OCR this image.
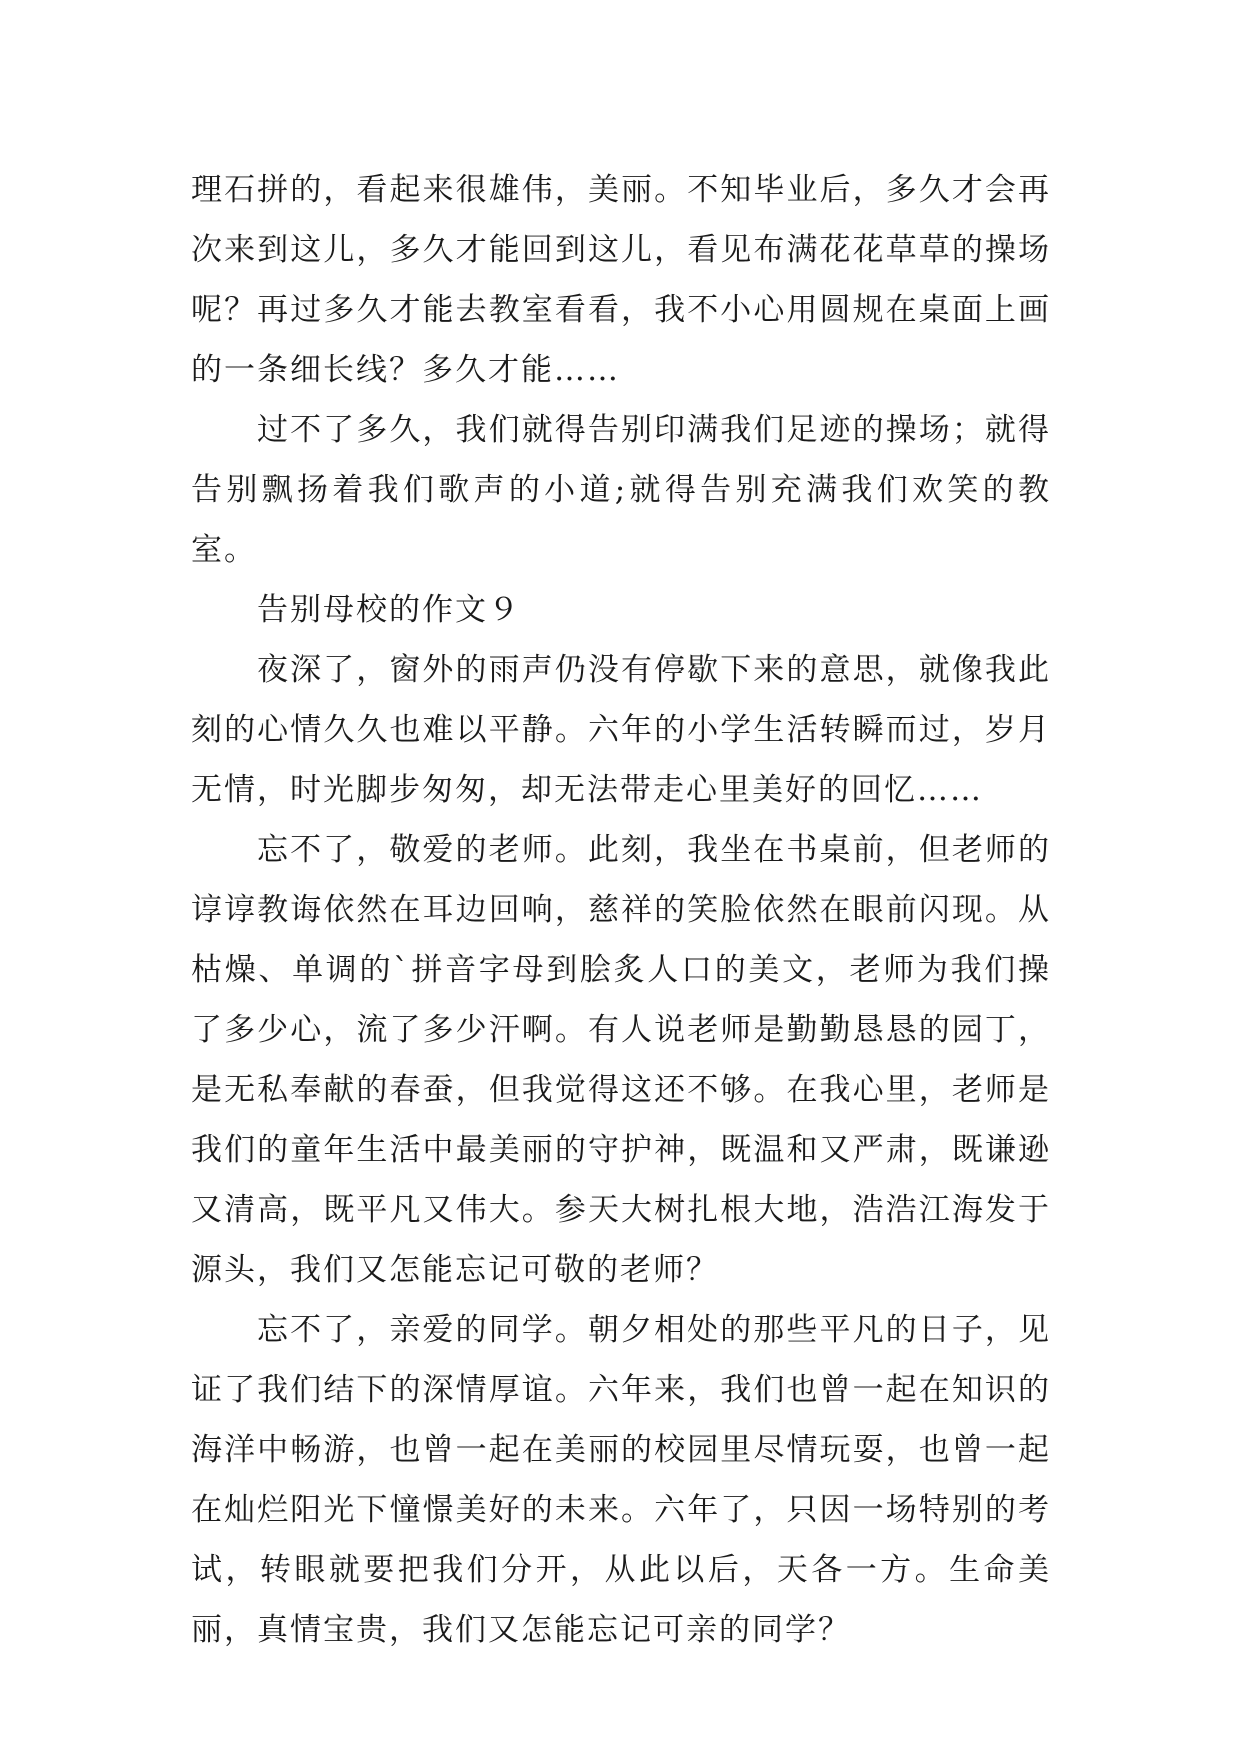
理石拼的，看起来很雄伟，美丽。不知毕业后，多久才会再次来到这儿，多久才能回到这儿，看见布满花花草草的操场呢？再过多久才能去教室看看，我不小心用圆规在桌面上画的一条细长线？多久才能……

过不了多久，我们就得告别印满我们足迹的操场；就得告别飘扬着我们歌声的小道;就得告别充满我们欢笑的教室。

告别母校的作文９

夜深了，窗外的雨声仍没有停歇下来的意思，就像我此刻的心情久久也难以平静。六年的小学生活转瞬而过，岁月无情，时光脚步匆匆，却无法带走心里美好的回忆……

忘不了，敬爱的老师。此刻，我坐在书桌前，但老师的谆谆教诲依然在耳边回响，慈祥的笑脸依然在眼前闪现。从枯燥、单调的`拼音字母到脍炙人口的美文，老师为我们操了多少心，流了多少汗啊。有人说老师是勤勤恳恳的园丁，是无私奉献的春蚕，但我觉得这还不够。在我心里，老师是我们的童年生活中最美丽的守护神，既温和又严肃，既谦逊又清高，既平凡又伟大。参天大树扎根大地，浩浩江海发于源头，我们又怎能忘记可敬的老师？

忘不了，亲爱的同学。朝夕相处的那些平凡的日子，见证了我们结下的深情厚谊。六年来，我们也曾一起在知识的海洋中畅游，也曾一起在美丽的校园里尽情玩耍，也曾一起在灿烂阳光下憧憬美好的未来。六年了，只因一场特别的考试，转眼就要把我们分开，从此以后，天各一方。生命美丽，真情宝贵，我们又怎能忘记可亲的同学？
